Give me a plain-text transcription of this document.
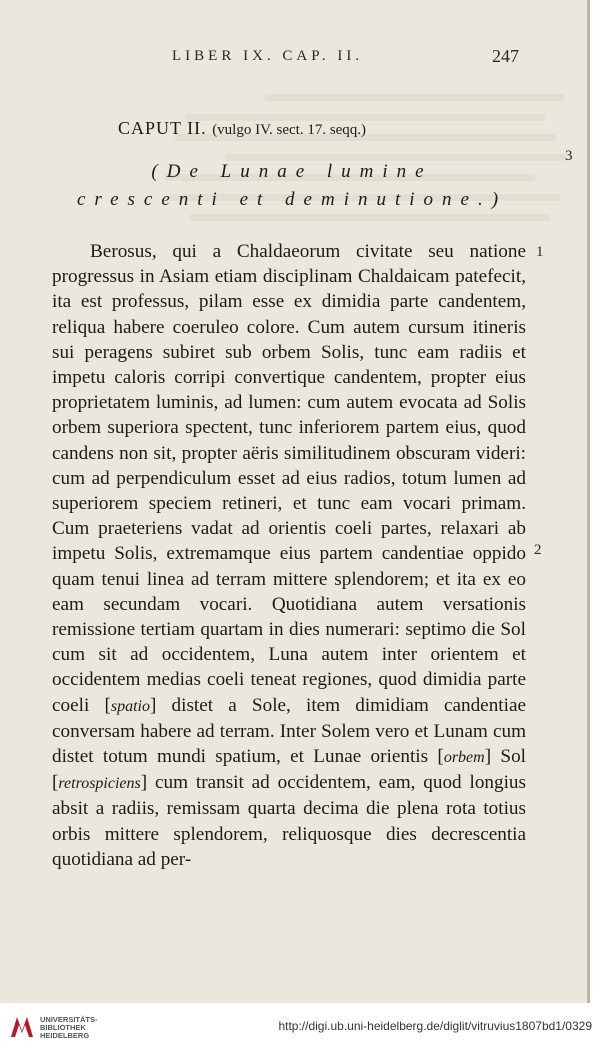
LIBER IX. CAP. II.	247
CAPUT II. (vulgo IV. sect. 17. seqq.)
(De Lunae lumine crescenti et deminutione.)

Berosus, qui a Chaldaeorum civitate seu natione progressus in Asiam etiam disciplinam Chaldaicam patefecit, ita est professus, pilam esse ex dimidia parte candentem, reliqua habere coeruleo colore. Cum autem cursum itineris sui peragens subiret sub orbem Solis, tunc eam radiis et impetu caloris corripi convertique candentem, propter eius proprietatem luminis, ad lumen: cum autem evocata ad Solis orbem superiora spectent, tunc inferiorem partem eius, quod candens non sit, propter aëris similitudinem obscuram videri: cum ad perpendiculum esset ad eius radios, totum lumen ad superiorem speciem retineri, et tunc eam vocari primam. Cum praeteriens vadat ad orientis coeli partes, relaxari ab impetu Solis, extremamque eius partem candentiae oppido quam tenui linea ad terram mittere splendorem; et ita ex eo eam secundam vocari. Quotidiana autem versationis remissione tertiam quartam in dies numerari: septimo die Sol cum sit ad occidentem, Luna autem inter orientem et occidentem medias coeli teneat regiones, quod dimidia parte coeli [spatio] distet a Sole, item dimidiam candentiae conversam habere ad terram. Inter Solem vero et Lunam cum distet totum mundi spatium, et Lunae orientis [orbem] Sol [retrospiciens] cum transit ad occidentem, eam, quod longius absit a radiis, remissam quarta decima die plena rota totius orbis mittere splendorem, reliquosque dies decrescentia quotidiana ad per-

3
1
2
UNIVERSITÄTS-
BIBLIOTHEK
HEIDELBERG
http://digi.ub.uni-heidelberg.de/diglit/vitruvius1807bd1/0329
